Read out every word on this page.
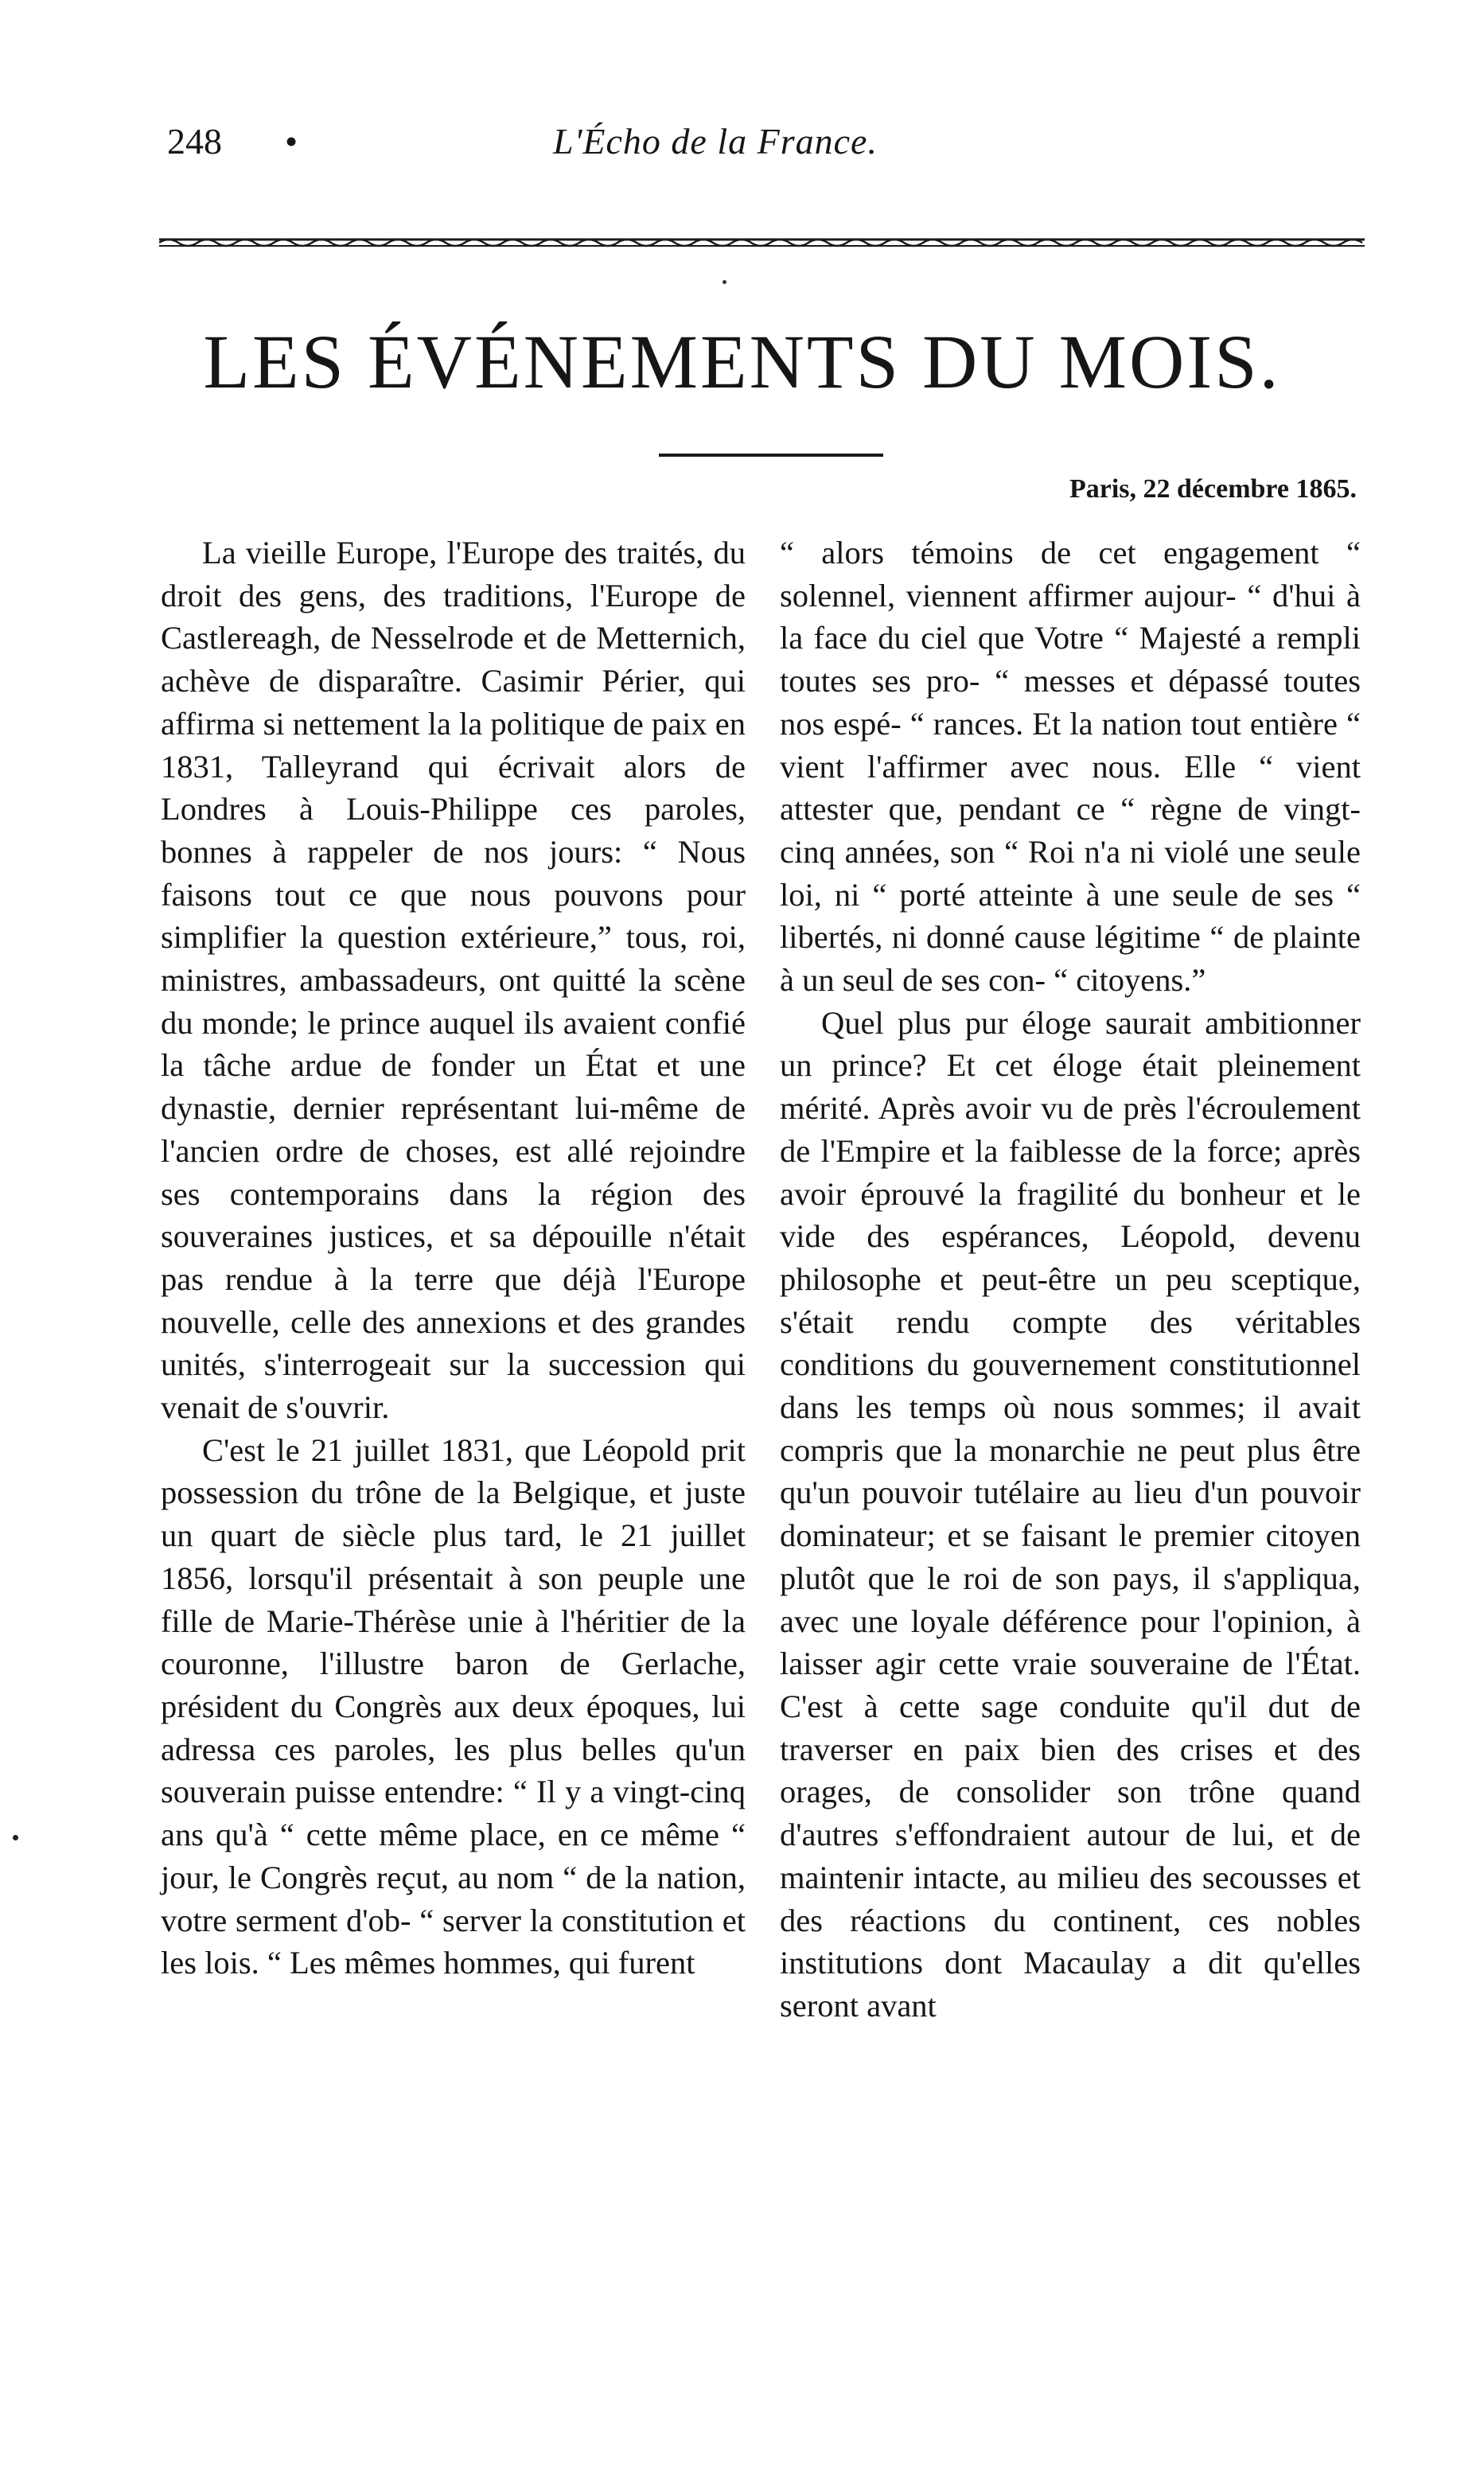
248 •	L'Écho de la France.
LES ÉVÉNEMENTS DU MOIS.
Paris, 22 décembre 1865.

La vieille Europe, l'Europe des traités, du droit des gens, des traditions, l'Europe de Castlereagh, de Nesselrode et de Metternich, achève de disparaître. Casimir Périer, qui affirma si nettement la la politique de paix en 1831, Talleyrand qui écrivait alors de Londres à Louis-Philippe ces paroles, bonnes à rappeler de nos jours: “ Nous faisons tout ce que nous pouvons pour simplifier la question extérieure,” tous, roi, ministres, ambassadeurs, ont quitté la scène du monde; le prince auquel ils avaient confié la tâche ardue de fonder un État et une dynastie, dernier représentant lui-même de l'ancien ordre de choses, est allé rejoindre ses contemporains dans la région des souveraines justices, et sa dépouille n'était pas rendue à la terre que déjà l'Europe nouvelle, celle des annexions et des grandes unités, s'interrogeait sur la succession qui venait de s'ouvrir.

C'est le 21 juillet 1831, que Léopold prit possession du trône de la Belgique, et juste un quart de siècle plus tard, le 21 juillet 1856, lorsqu'il présentait à son peuple une fille de Marie-Thérèse unie à l'héritier de la couronne, l'illustre baron de Gerlache, président du Congrès aux deux époques, lui adressa ces paroles, les plus belles qu'un souverain puisse entendre: “ Il y a vingt-cinq ans qu'à “ cette même place, en ce même “ jour, le Congrès reçut, au nom “ de la nation, votre serment d'ob- “ server la constitution et les lois. “ Les mêmes hommes, qui furent

“ alors témoins de cet engagement “ solennel, viennent affirmer aujour- “ d'hui à la face du ciel que Votre “ Majesté a rempli toutes ses pro- “ messes et dépassé toutes nos espé- “ rances. Et la nation tout entière “ vient l'affirmer avec nous. Elle “ vient attester que, pendant ce “ règne de vingt-cinq années, son “ Roi n'a ni violé une seule loi, ni “ porté atteinte à une seule de ses “ libertés, ni donné cause légitime “ de plainte à un seul de ses con- “ citoyens.”

Quel plus pur éloge saurait ambitionner un prince? Et cet éloge était pleinement mérité. Après avoir vu de près l'écroulement de l'Empire et la faiblesse de la force; après avoir éprouvé la fragilité du bonheur et le vide des espérances, Léopold, devenu philosophe et peut-être un peu sceptique, s'était rendu compte des véritables conditions du gouvernement constitutionnel dans les temps où nous sommes; il avait compris que la monarchie ne peut plus être qu'un pouvoir tutélaire au lieu d'un pouvoir dominateur; et se faisant le premier citoyen plutôt que le roi de son pays, il s'appliqua, avec une loyale déférence pour l'opinion, à laisser agir cette vraie souveraine de l'État. C'est à cette sage conduite qu'il dut de traverser en paix bien des crises et des orages, de consolider son trône quand d'autres s'effondraient autour de lui, et de maintenir intacte, au milieu des secousses et des réactions du continent, ces nobles institutions dont Macaulay a dit qu'elles seront avant
